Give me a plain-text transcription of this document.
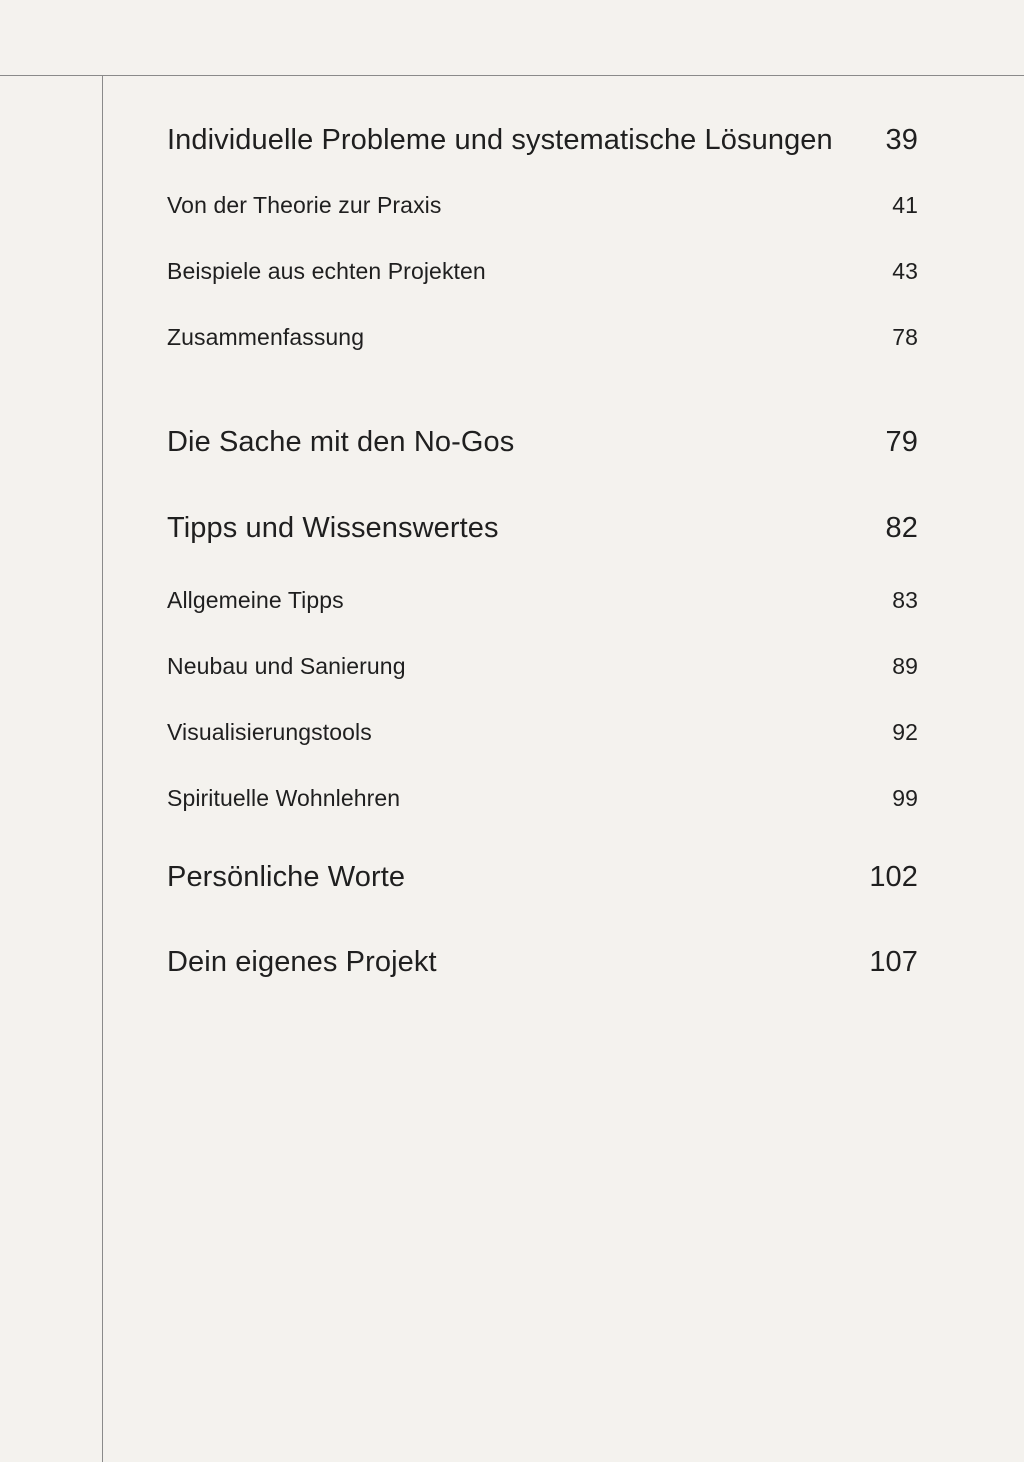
Individuelle Probleme und systematische Lösungen 39
Von der Theorie zur Praxis	41
Beispiele aus echten Projekten	43
Zusammenfassung	78
Die Sache mit den No-Gos	79
Tipps und Wissenswertes	82
Allgemeine Tipps	83
Neubau und Sanierung	89
Visualisierungstools	92
Spirituelle Wohnlehren	99
Persönliche Worte	102
Dein eigenes Projekt	107
